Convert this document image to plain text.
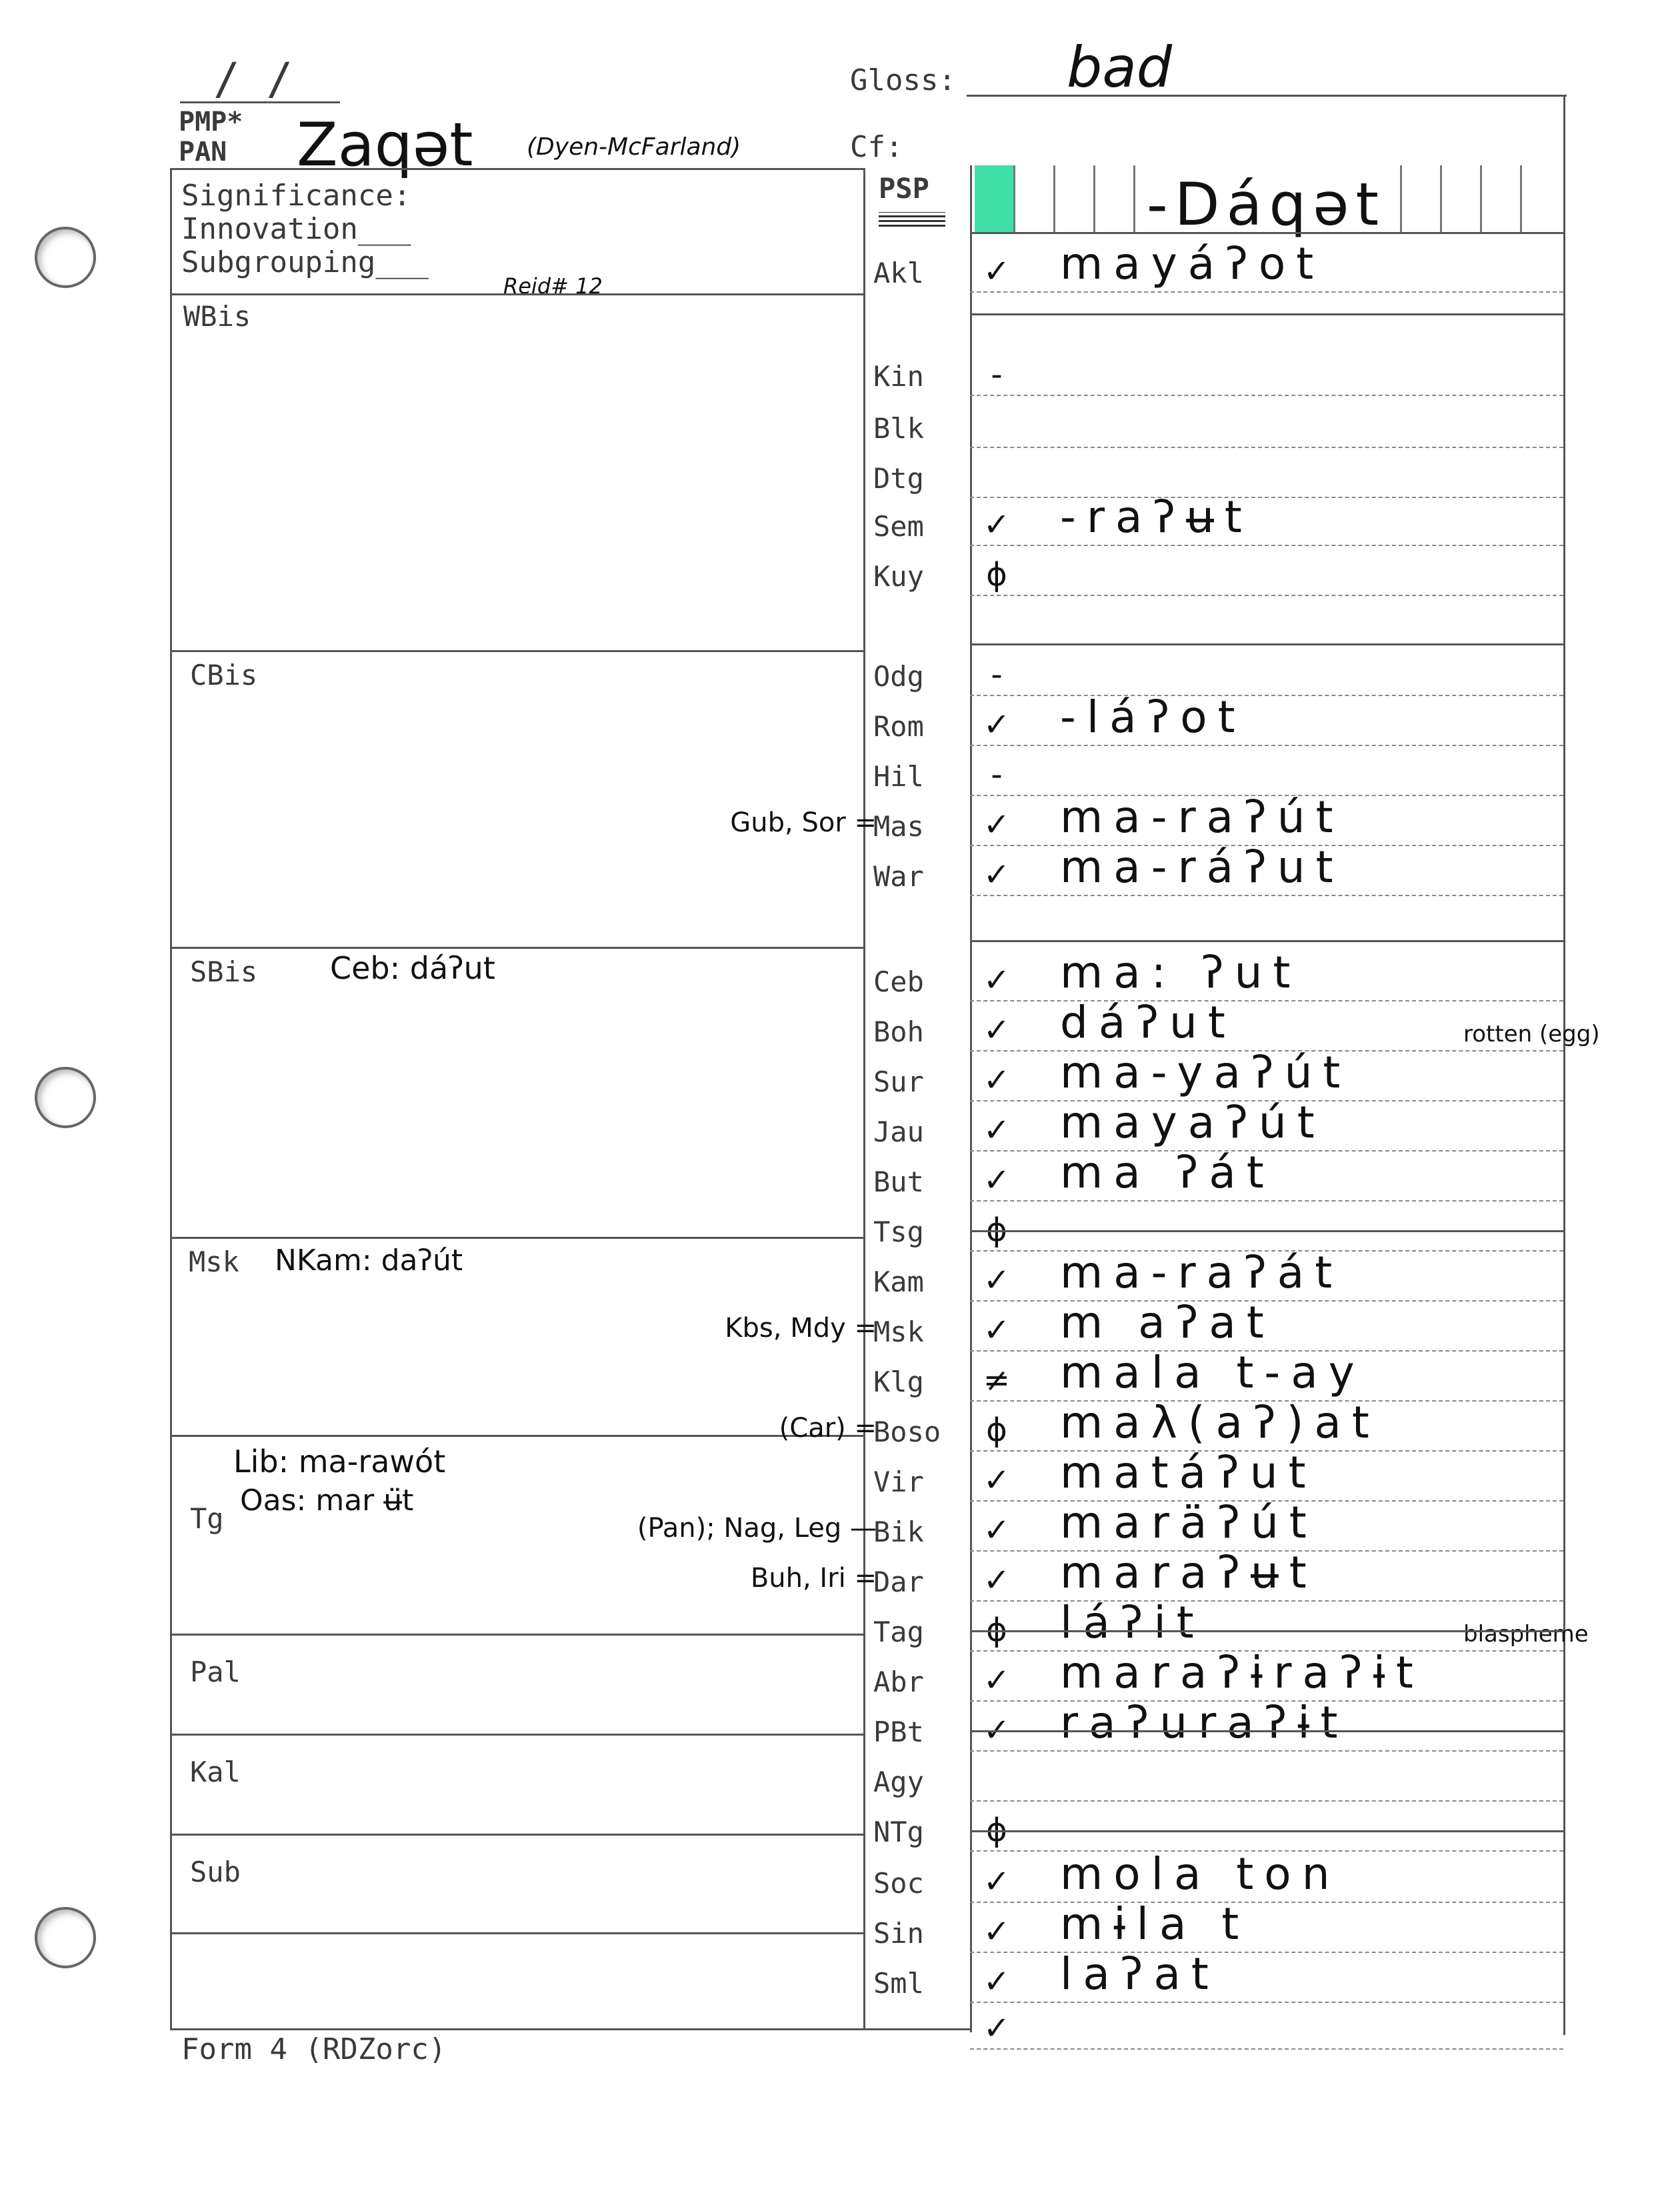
/ /	Gloss: bad
PMP*
PAN Zaqət (Dyen-McFarland)	Cf:
Significance:
Innovation___
Subgrouping___
Reid# 12
WBis
CBis
SBis Ceb: dáʔut
Msk NKam: daʔút
Lib: ma-rawót
Oas: mar ʉ̈t
Tg
Pal
Kal
Sub
PSP	-Dáqət
Akl	✓ mayáʔot
Kin	-
Blk
Dtg
Sem	✓ -raʔʉt
Kuy	ϕ
Odg	-
Rom	✓ -láʔot
Hil	-
Mas	✓ ma-raʔút
Gub, Sor =
War	✓ ma-ráʔut
Ceb	✓ ma: ʔut
Boh	✓ dáʔut	rotten (egg)
Sur	✓ ma-yaʔút
Jau	✓ mayaʔút
But	✓ ma ʔát
Tsg	ϕ
Kam	✓ ma-raʔát
Msk	✓ m aʔat
Kbs, Mdy =
Klg	≠ mala t-ay
Boso	ϕ maλ(aʔ)at
(Car) =
Vir	✓ matáʔut
Bik	✓ maräʔút
(Pan); Nag, Leg —
Dar	✓ maraʔʉt
Buh, Iri =
Tag	ϕ láʔit	blaspheme
Abr	✓ maraʔɨraʔɨt
PBt	✓ raʔuraʔɨt
Agy
NTg	ϕ
Soc	✓ mola ton
Sin	✓ mɨla t
Sml	✓ laʔat
✓
Form 4 (RDZorc)
